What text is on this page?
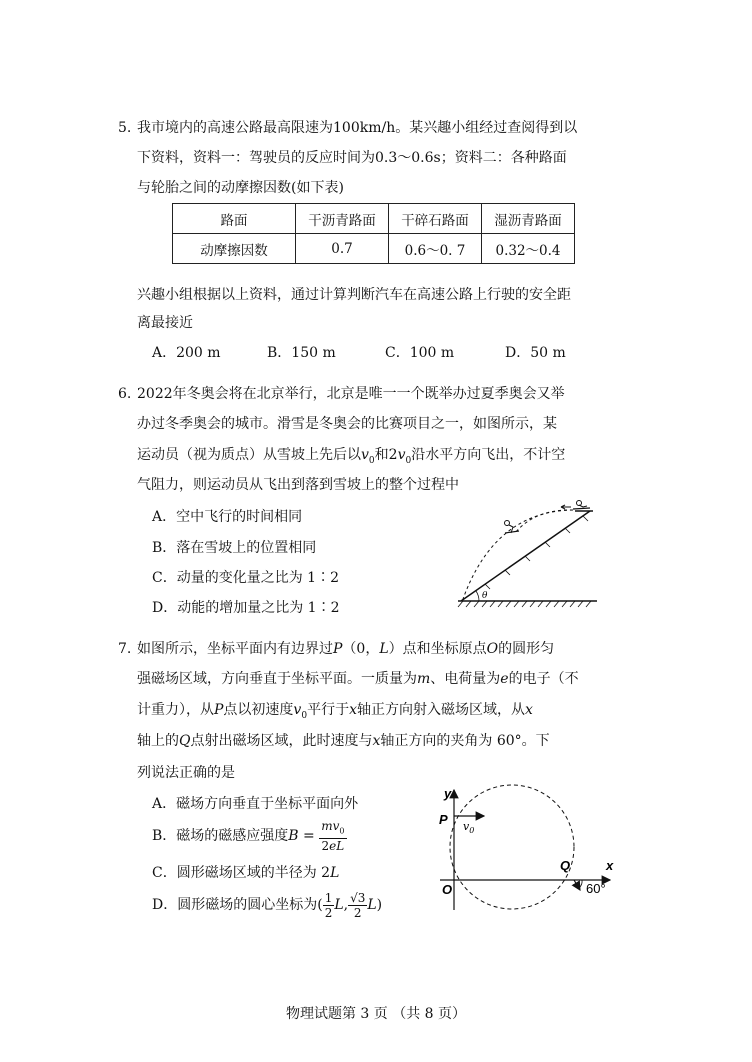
5. 我市境内的高速公路最高限速为100km/h。某兴趣小组经过查阅得到以
下资料，资料一：驾驶员的反应时间为0.3～0.6s；资料二：各种路面
与轮胎之间的动摩擦因数(如下表)
路面	干沥青路面	干碎石路面	湿沥青路面
动摩擦因数	0.7	0.6～0. 7	0.32～0.4
兴趣小组根据以上资料，通过计算判断汽车在高速公路上行驶的安全距
离最接近
A．200 m	B．150 m	C．100 m	D．50 m
6. 2022年冬奥会将在北京举行，北京是唯一一个既举办过夏季奥会又举
办过冬季奥会的城市。滑雪是冬奥会的比赛项目之一，如图所示，某
运动员（视为质点）从雪坡上先后以$v_0$和$2v_0$沿水平方向飞出，不计空
气阻力，则运动员从飞出到落到雪坡上的整个过程中
A．空中飞行的时间相同
B．落在雪坡上的位置相同
C．动量的变化量之比为 1∶2
D．动能的增加量之比为 1∶2
θ
7. 如图所示，坐标平面内有边界过P（0，L）点和坐标原点O的圆形匀
强磁场区域，方向垂直于坐标平面。一质量为m、电荷量为e的电子（不
计重力），从P点以初速度$v_0$平行于x轴正方向射入磁场区域，从x
轴上的Q点射出磁场区域，此时速度与x轴正方向的夹角为 60°。下
列说法正确的是
A．磁场方向垂直于坐标平面向外
B．磁场的磁感应强度$B = \frac{mv_0}{2eL}$
C．圆形磁场区域的半径为 2L
D．圆形磁场的圆心坐标为( $\frac{1}{2} L$, $\frac{√3}{2} L$)
y
x
O
P $v_0$
Q
60°
物理试题第 3 页 （共 8 页）
